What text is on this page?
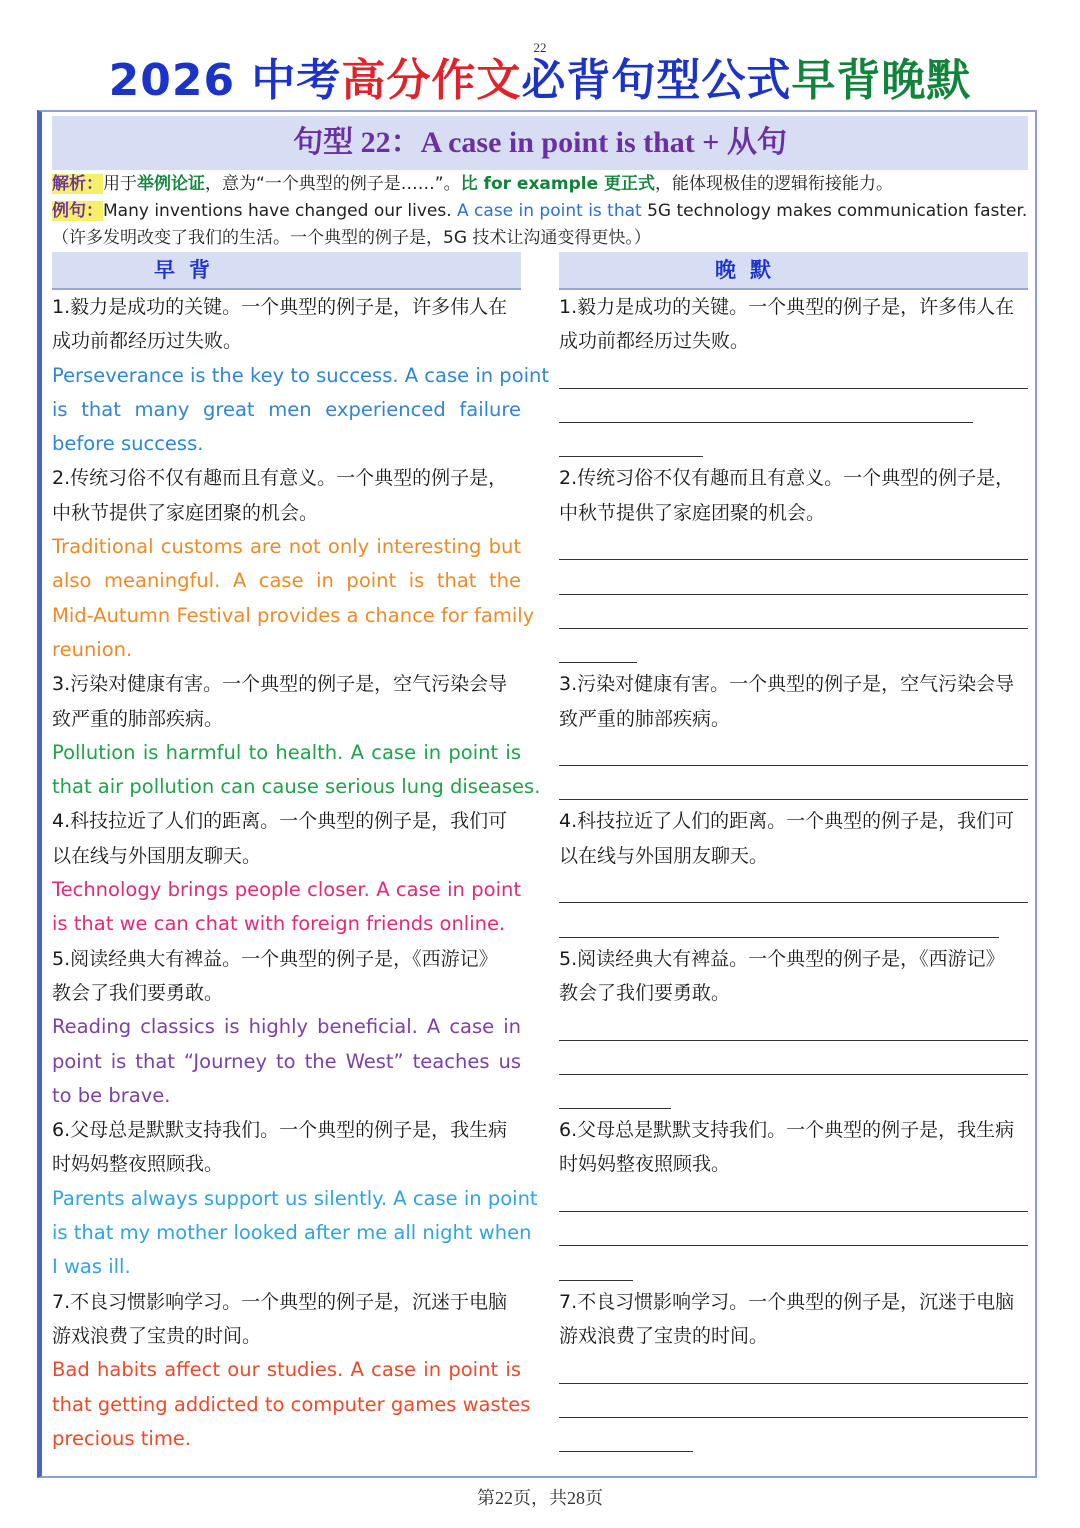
22
2026 中考高分作文必背句型公式早背晚默
句型 22：A case in point is that + 从句
解析：用于举例论证，意为“一个典型的例子是……”。比 for example 更正式，能体现极佳的逻辑衔接能力。
例句：Many inventions have changed our lives. A case in point is that 5G technology makes communication faster.
（许多发明改变了我们的生活。一个典型的例子是，5G 技术让沟通变得更快。）
早背	晚默
1.毅力是成功的关键。一个典型的例子是，许多伟人在
成功前都经历过失败。
Perseverance is the key to success. A case in point
is that many great men experienced failure
before success.
2.传统习俗不仅有趣而且有意义。一个典型的例子是，
中秋节提供了家庭团聚的机会。
Traditional customs are not only interesting but
also meaningful. A case in point is that the
Mid-Autumn Festival provides a chance for family
reunion.
3.污染对健康有害。一个典型的例子是，空气污染会导
致严重的肺部疾病。
Pollution is harmful to health. A case in point is
that air pollution can cause serious lung diseases.
4.科技拉近了人们的距离。一个典型的例子是，我们可
以在线与外国朋友聊天。
Technology brings people closer. A case in point
is that we can chat with foreign friends online.
5.阅读经典大有裨益。一个典型的例子是，《西游记》
教会了我们要勇敢。
Reading classics is highly beneficial. A case in
point is that “Journey to the West” teaches us
to be brave.
6.父母总是默默支持我们。一个典型的例子是，我生病
时妈妈整夜照顾我。
Parents always support us silently. A case in point
is that my mother looked after me all night when
I was ill.
7.不良习惯影响学习。一个典型的例子是，沉迷于电脑
游戏浪费了宝贵的时间。
Bad habits affect our studies. A case in point is
that getting addicted to computer games wastes
precious time.
1.毅力是成功的关键。一个典型的例子是，许多伟人在
成功前都经历过失败。
2.传统习俗不仅有趣而且有意义。一个典型的例子是，
中秋节提供了家庭团聚的机会。
3.污染对健康有害。一个典型的例子是，空气污染会导
致严重的肺部疾病。
4.科技拉近了人们的距离。一个典型的例子是，我们可
以在线与外国朋友聊天。
5.阅读经典大有裨益。一个典型的例子是，《西游记》
教会了我们要勇敢。
6.父母总是默默支持我们。一个典型的例子是，我生病
时妈妈整夜照顾我。
7.不良习惯影响学习。一个典型的例子是，沉迷于电脑
游戏浪费了宝贵的时间。
第22页，共28页
